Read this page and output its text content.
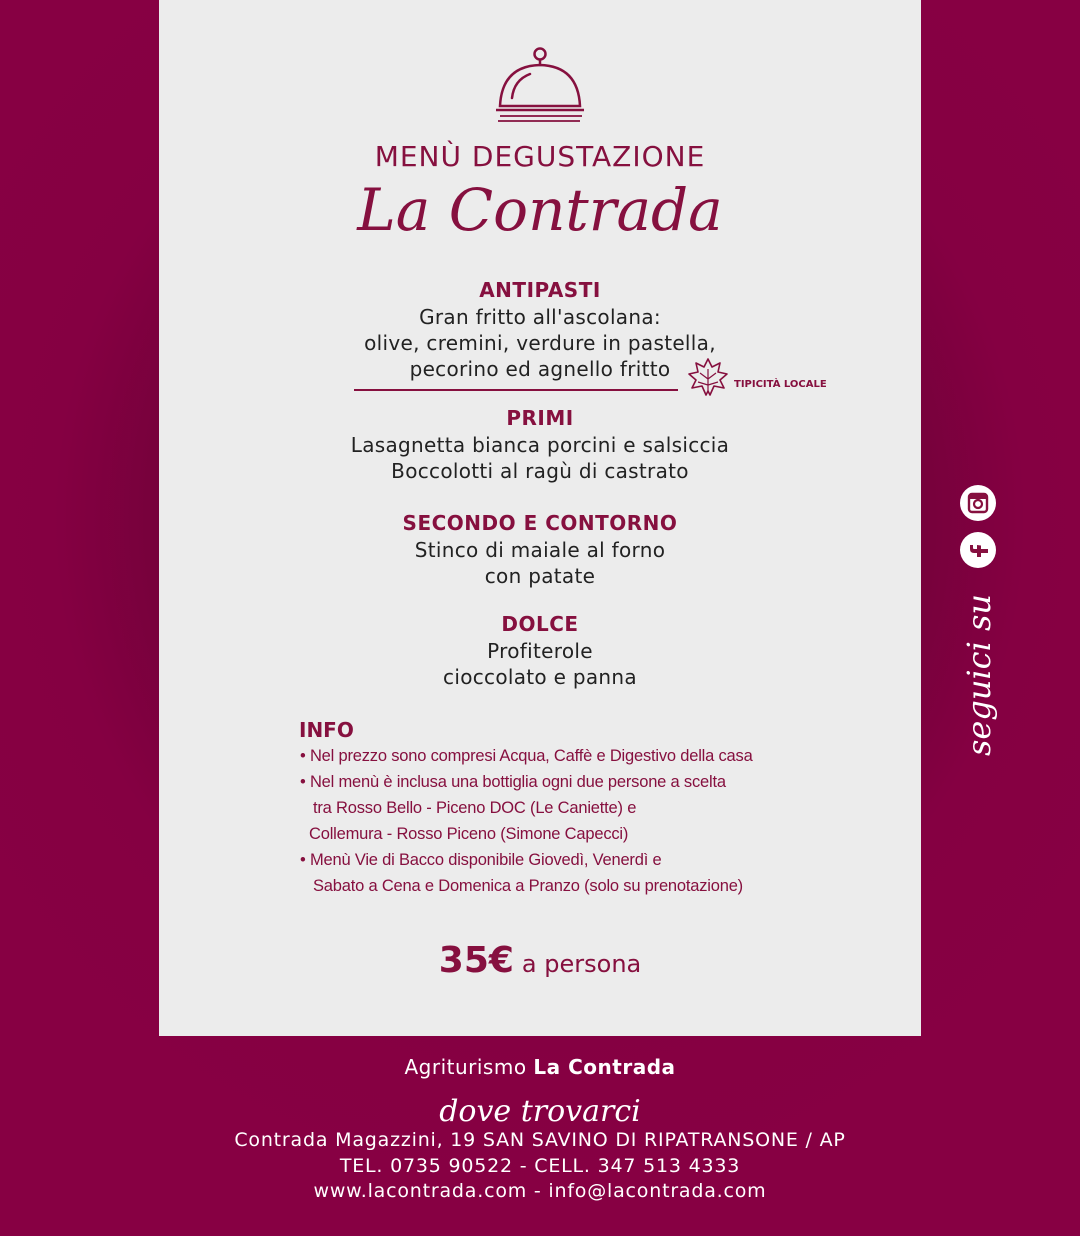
MENÙ DEGUSTAZIONE
La Contrada
ANTIPASTI
Gran fritto all'ascolana:
olive, cremini, verdure in pastella,
pecorino ed agnello fritto
TIPICITÀ LOCALE
PRIMI
Lasagnetta bianca porcini e salsiccia
Boccolotti al ragù di castrato
SECONDO E CONTORNO
Stinco di maiale al forno
con patate
DOLCE
Profiterole
cioccolato e panna
INFO
• Nel prezzo sono compresi Acqua, Caffè e Digestivo della casa
• Nel menù è inclusa una bottiglia ogni due persone a scelta
tra Rosso Bello - Piceno DOC (Le Caniette) e
Collemura - Rosso Piceno (Simone Capecci)
• Menù Vie di Bacco disponibile Giovedì, Venerdì e
Sabato a Cena e Domenica a Pranzo (solo su prenotazione)
35€ a persona
seguici su
Agriturismo La Contrada
dove trovarci
Contrada Magazzini, 19 SAN SAVINO DI RIPATRANSONE / AP
TEL. 0735 90522 - CELL. 347 513 4333
www.lacontrada.com - info@lacontrada.com
